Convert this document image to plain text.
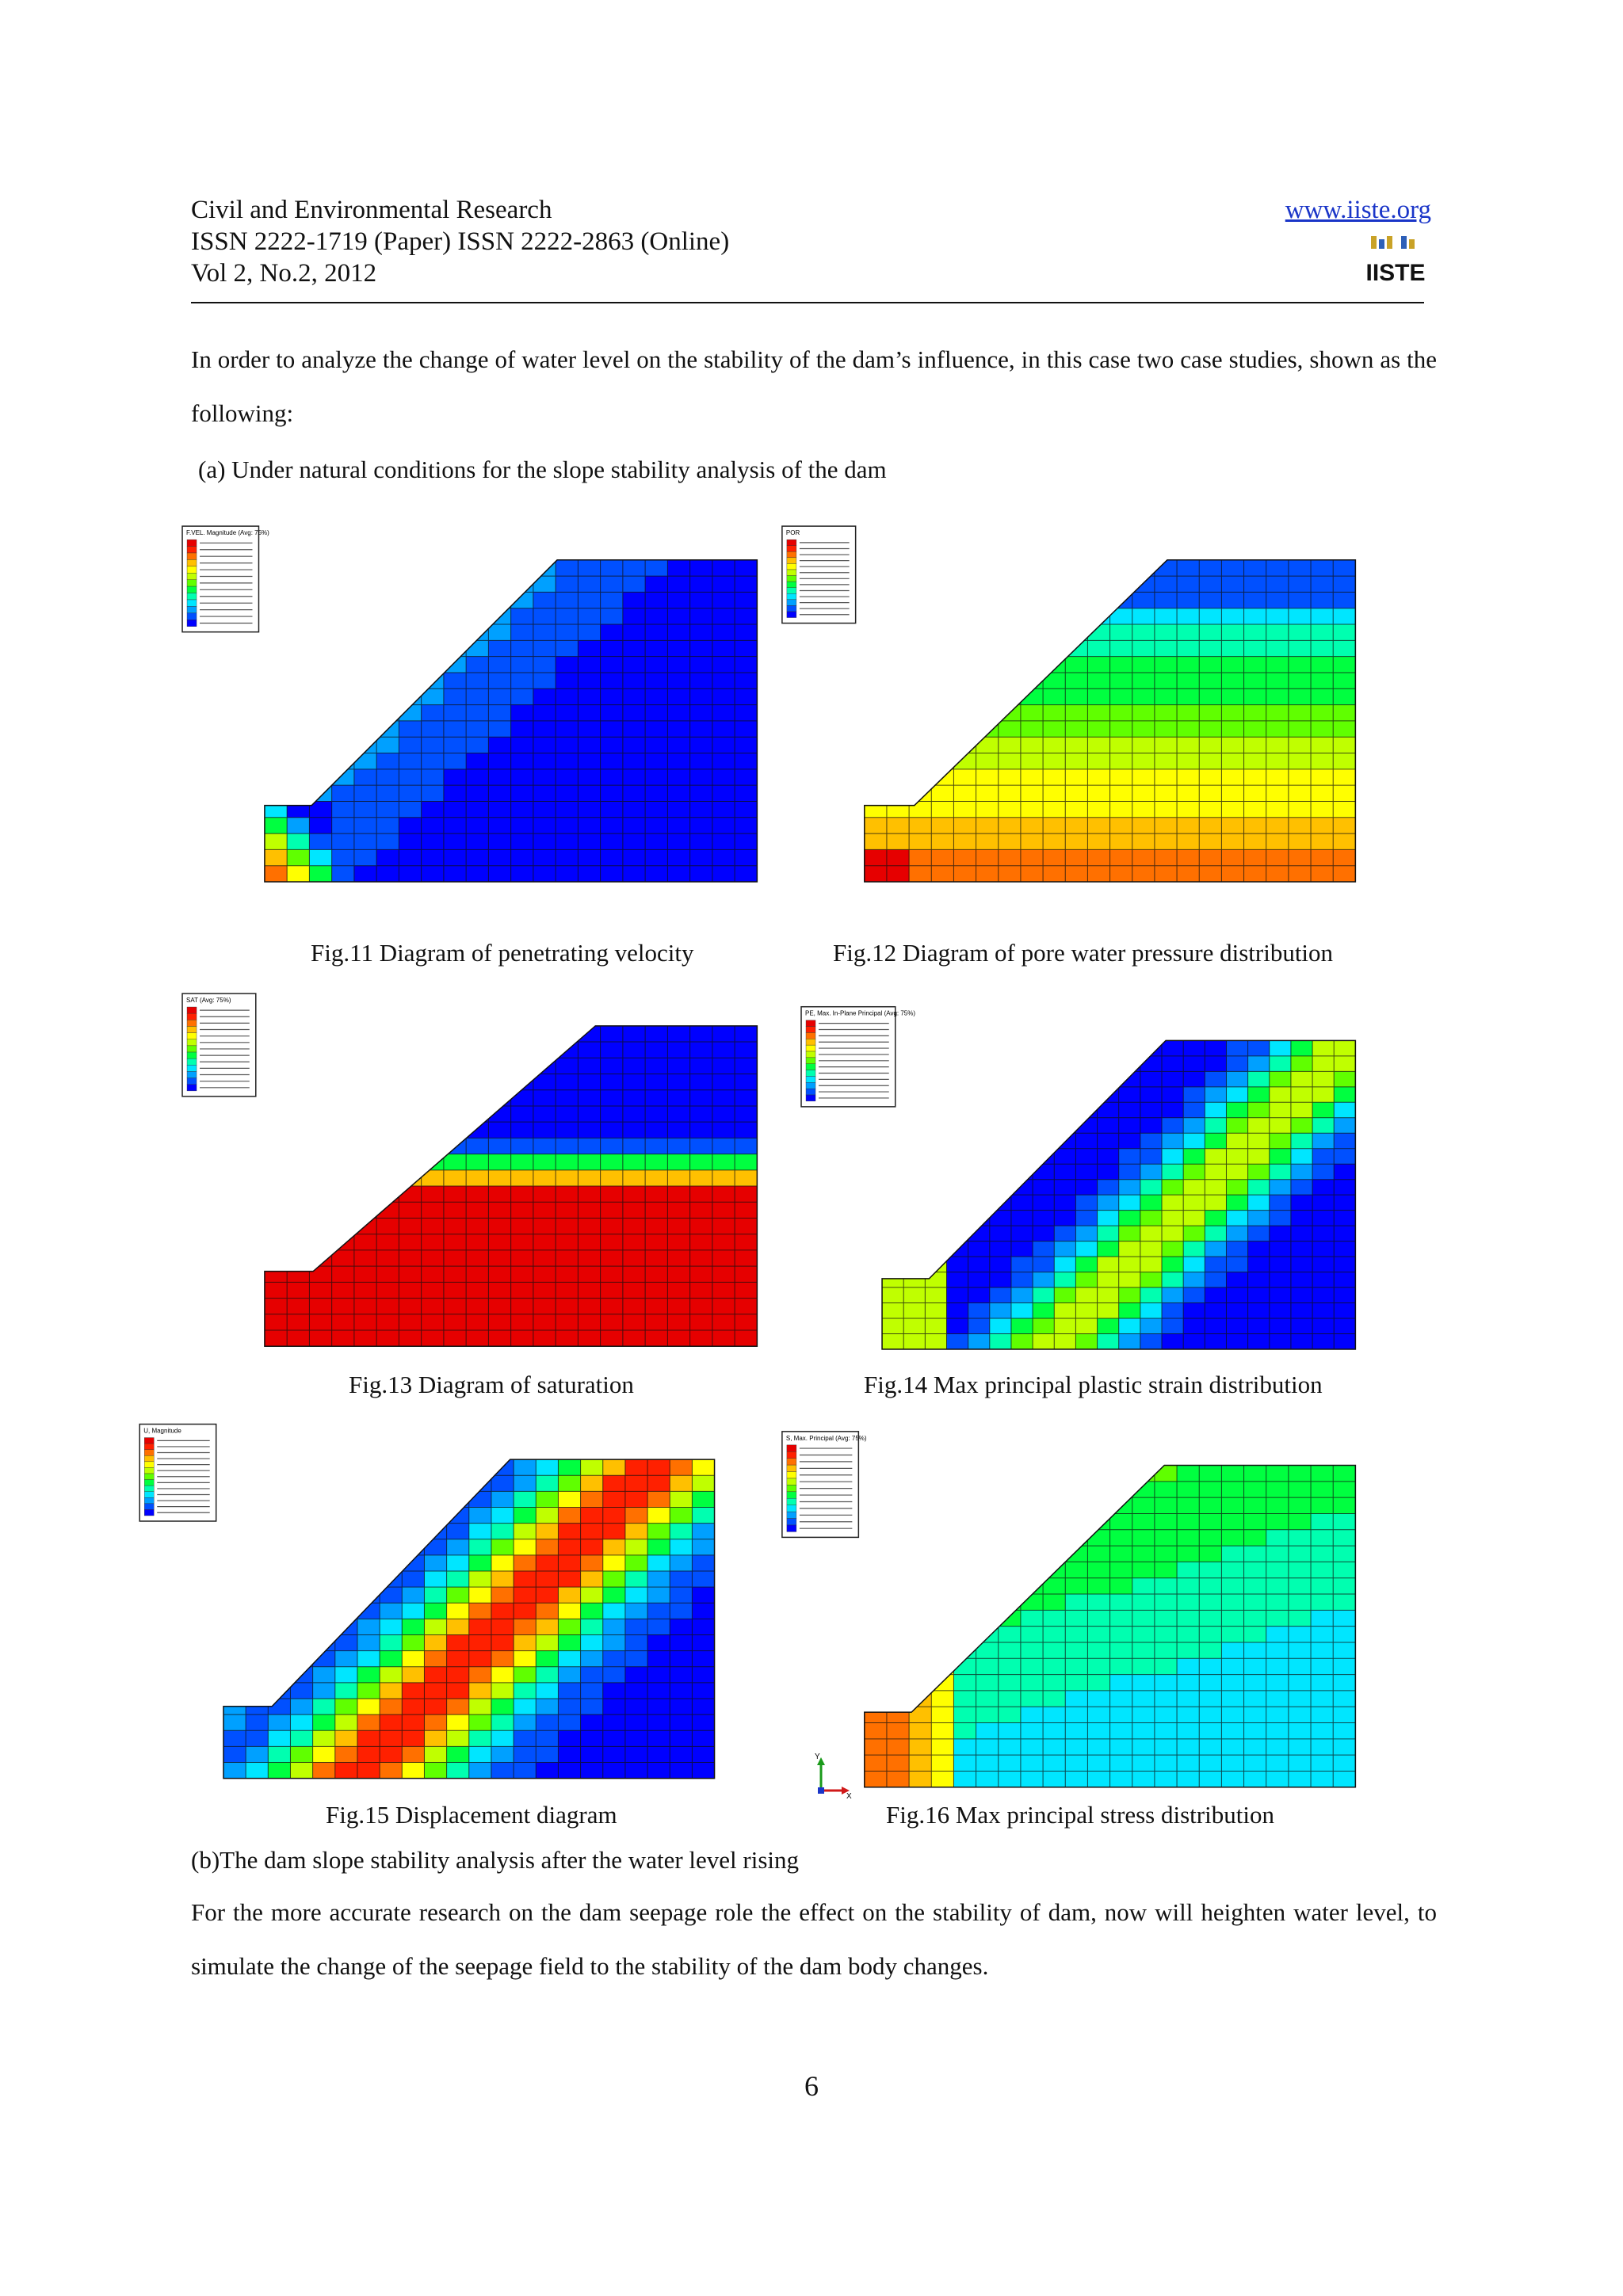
Civil and Environmental Research
ISSN 2222-1719 (Paper) ISSN 2222-2863 (Online)
Vol 2, No.2, 2012
www.iiste.org
IISTE
In order to analyze the change of water level on the stability of the dam’s influence, in this case two case studies, shown as the following:
(a) Under natural conditions for the slope stability analysis of the dam
F.VEL. Magnitude (Avg: 75%)	POR
SAT (Avg: 75%)
PE, Max. In-Plane Principal (Avg: 75%)
U, Magnitude
S, Max. Principal (Avg: 75%)
Y
X
Fig.11 Diagram of penetrating velocity	Fig.12 Diagram of pore water pressure distribution
Fig.13 Diagram of saturation	Fig.14 Max principal plastic strain distribution
Fig.15 Displacement diagram	Fig.16 Max principal stress distribution
(b)The dam slope stability analysis after the water level rising
For the more accurate research on the dam seepage role the effect on the stability of dam, now will heighten water level, to simulate the change of the seepage field to the stability of the dam body changes.
6
